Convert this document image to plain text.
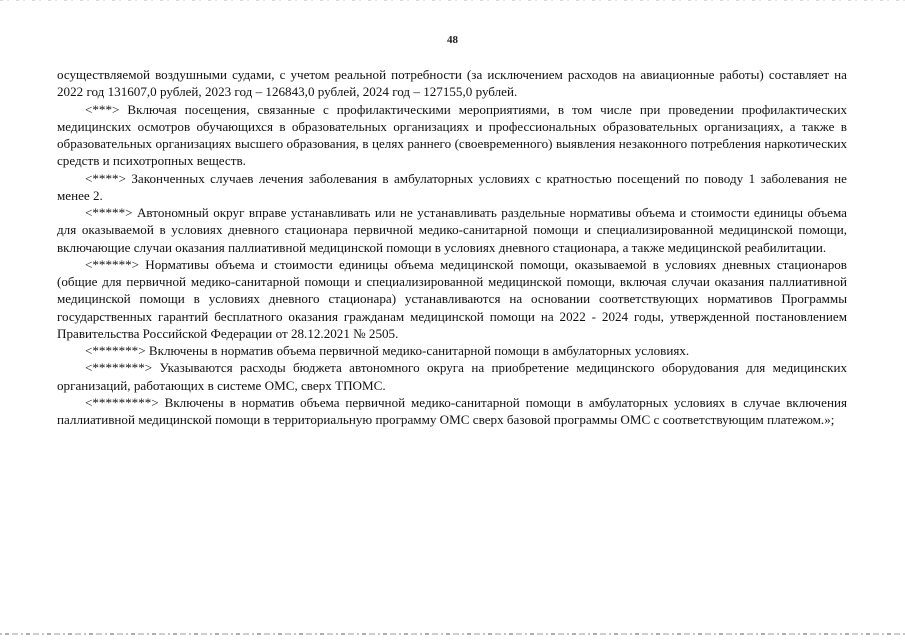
48

осуществляемой воздушными судами, с учетом реальной потребности (за исключением расходов на авиационные работы) составляет на 2022 год 131607,0 рублей, 2023 год – 126843,0 рублей, 2024 год – 127155,0 рублей.

<***> Включая посещения, связанные с профилактическими мероприятиями, в том числе при проведении профилактических медицинских осмотров обучающихся в образовательных организациях и профессиональных образовательных организациях, а также в образовательных организациях высшего образования, в целях раннего (своевременного) выявления незаконного потребления наркотических средств и психотропных веществ.

<****> Законченных случаев лечения заболевания в амбулаторных условиях с кратностью посещений по поводу 1 заболевания не менее 2.

<*****> Автономный округ вправе устанавливать или не устанавливать раздельные нормативы объема и стоимости единицы объема для оказываемой в условиях дневного стационара первичной медико-санитарной помощи и специализированной медицинской помощи, включающие случаи оказания паллиативной медицинской помощи в условиях дневного стационара, а также медицинской реабилитации.

<******> Нормативы объема и стоимости единицы объема медицинской помощи, оказываемой в условиях дневных стационаров (общие для первичной медико-санитарной помощи и специализированной медицинской помощи, включая случаи оказания паллиативной медицинской помощи в условиях дневного стационара) устанавливаются на основании соответствующих нормативов Программы государственных гарантий бесплатного оказания гражданам медицинской помощи на 2022 - 2024 годы, утвержденной постановлением Правительства Российской Федерации от 28.12.2021 № 2505.

<*******> Включены в норматив объема первичной медико-санитарной помощи в амбулаторных условиях.

<********> Указываются расходы бюджета автономного округа на приобретение медицинского оборудования для медицинских организаций, работающих в системе ОМС, сверх ТПОМС.

<*********> Включены в норматив объема первичной медико-санитарной помощи в амбулаторных условиях в случае включения паллиативной медицинской помощи в территориальную программу ОМС сверх базовой программы ОМС с соответствующим платежом.»;
